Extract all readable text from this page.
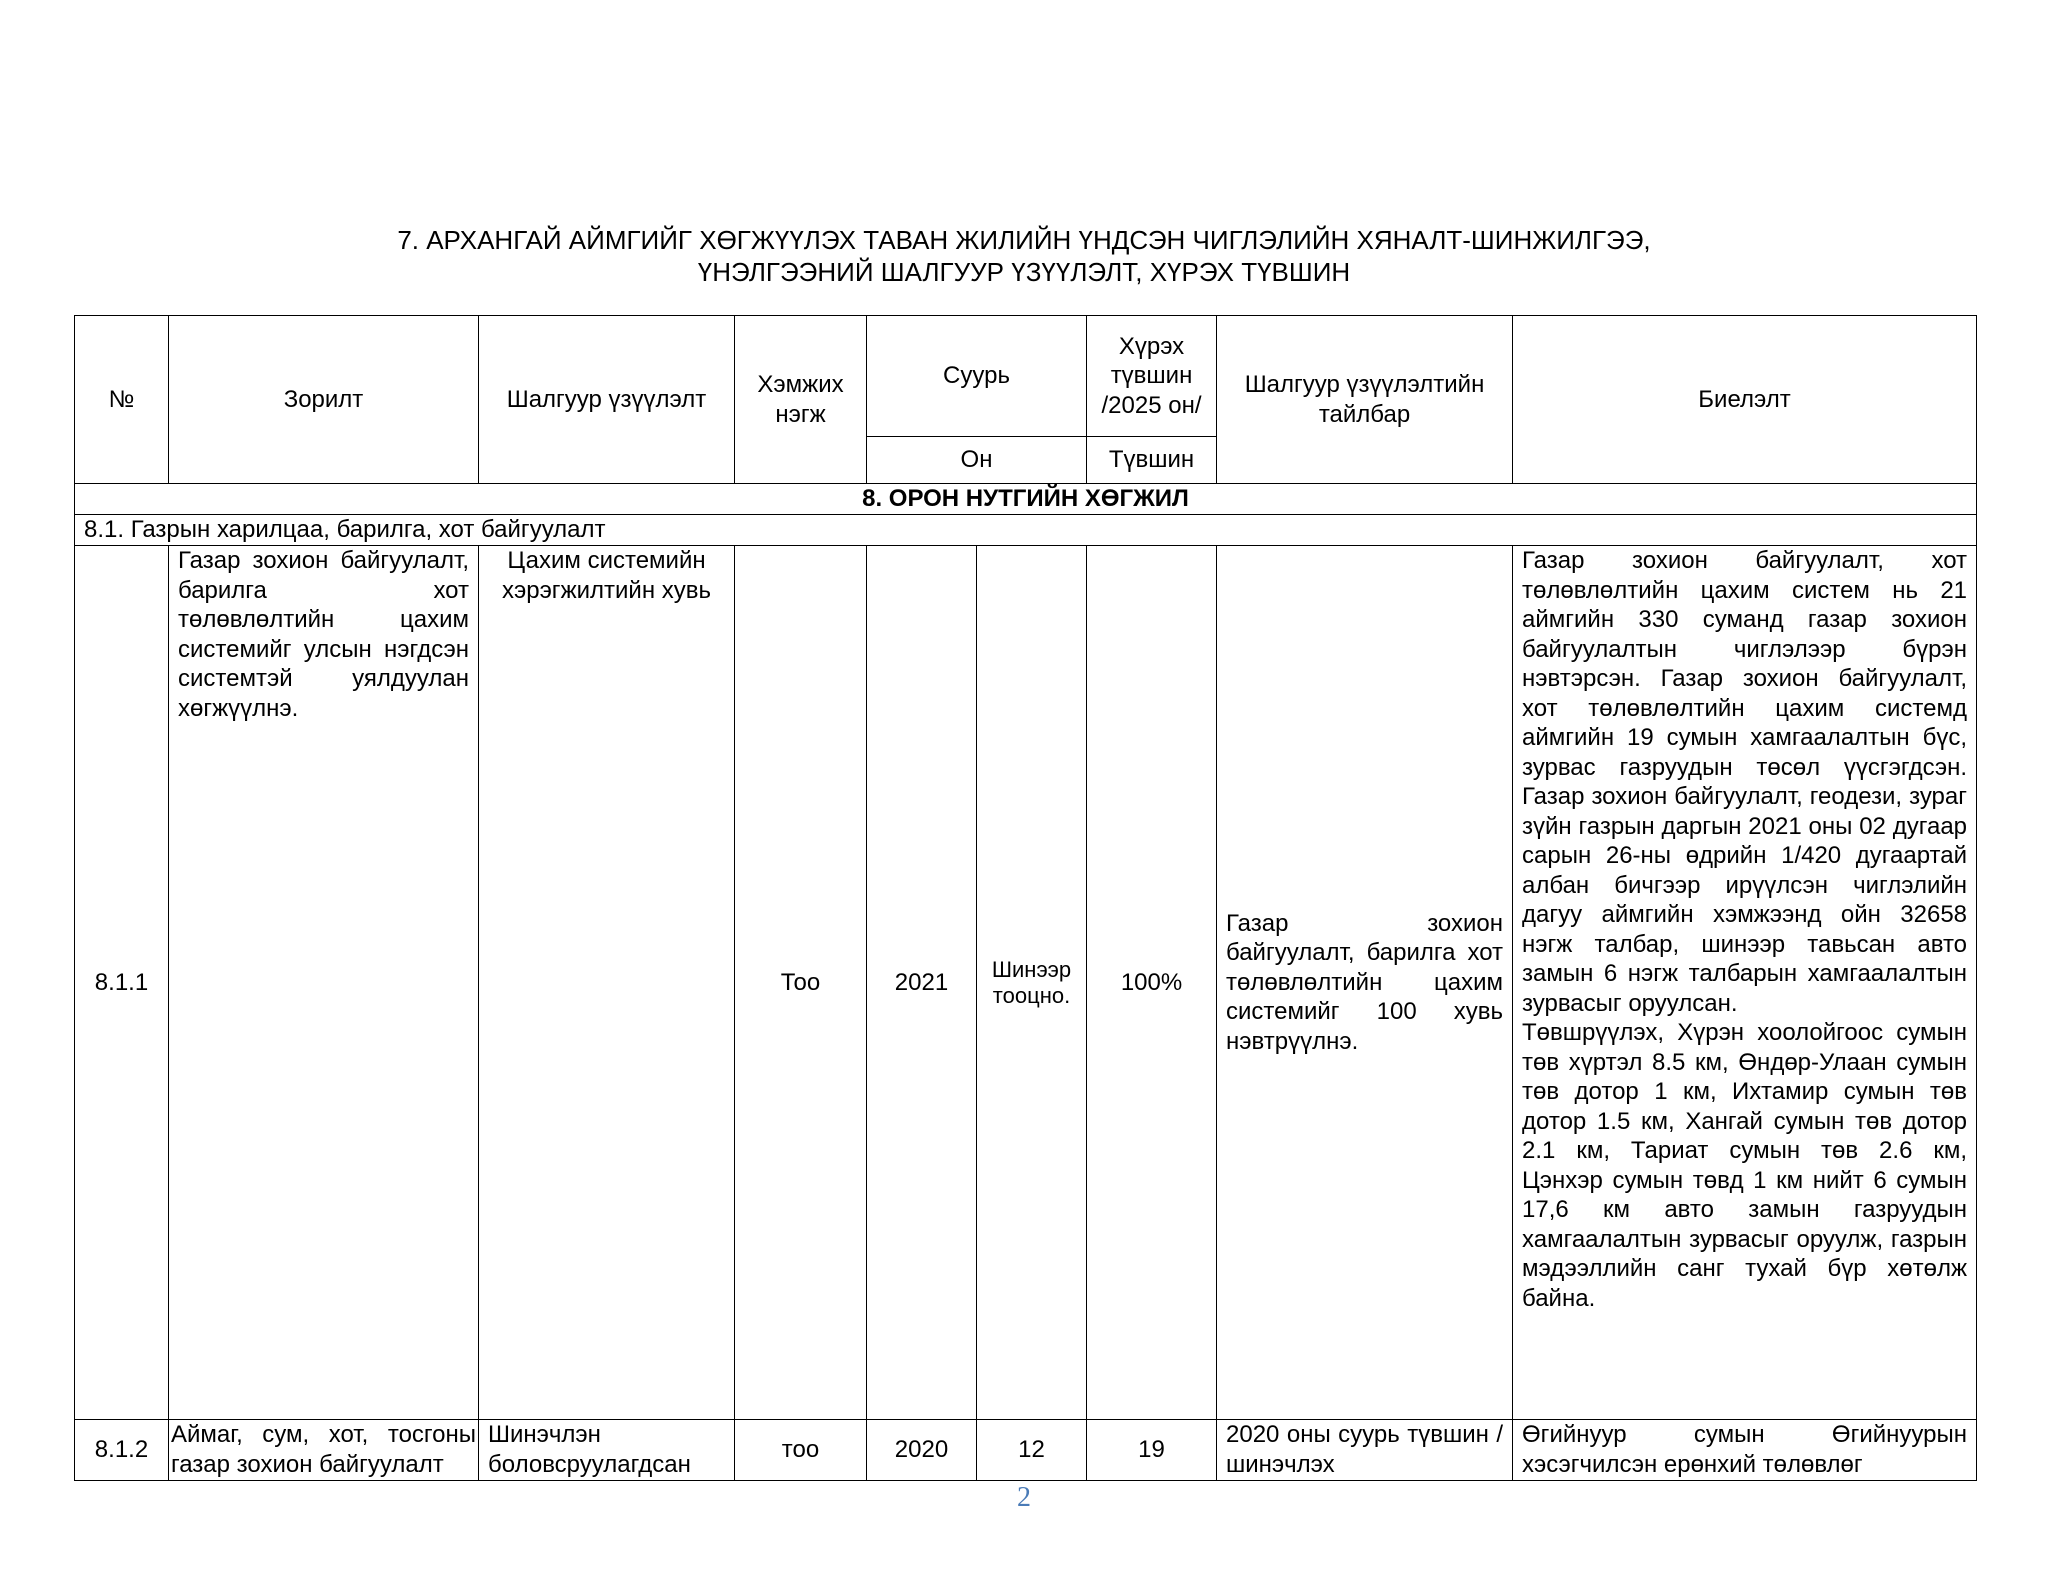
7. АРХАНГАЙ АЙМГИЙГ ХӨГЖҮҮЛЭХ ТАВАН ЖИЛИЙН ҮНДСЭН ЧИГЛЭЛИЙН ХЯНАЛТ-ШИНЖИЛГЭЭ,
ҮНЭЛГЭЭНИЙ ШАЛГУУР ҮЗҮҮЛЭЛТ, ХҮРЭХ ТҮВШИН
№	Зорилт	Шалгуур үзүүлэлт	Хэмжих нэгж	Суурь		Хүрэх түвшин /2025 он/	Шалгуур үзүүлэлтийн тайлбар	Биелэлт
				Он		Түвшин		
8. ОРОН НУТГИЙН ХӨГЖИЛ								
8.1. Газрын харилцаа, барилга, хот байгуулалт								
8.1.1	Газар зохион байгуулалт, барилга хот төлөвлөлтийн цахим системийг улсын нэгдсэн системтэй уялдуулан хөгжүүлнэ.	Цахим системийн хэрэгжилтийн хувь	Тоо	2021	Шинээр тооцно.	100%	Газар зохион байгуулалт, барилга хот төлөвлөлтийн цахим системийг 100 хувь нэвтрүүлнэ.	Газар зохион байгуулалт, хот төлөвлөлтийн цахим систем нь 21 аймгийн 330 суманд газар зохион байгуулалтын чиглэлээр бүрэн нэвтэрсэн. Газар зохион байгуулалт, хот төлөвлөлтийн цахим системд аймгийн 19 сумын хамгаалалтын бүс, зурвас газруудын төсөл үүсгэгдсэн. Газар зохион байгуулалт, геодези, зураг зүйн газрын даргын 2021 оны 02 дугаар сарын 26-ны өдрийн 1/420 дугаартай албан бичгээр ирүүлсэн чиглэлийн дагуу аймгийн хэмжээнд ойн 32658 нэгж талбар, шинээр тавьсан авто замын 6 нэгж талбарын хамгаалалтын зурвасыг оруулсан.
Төвшрүүлэх, Хүрэн хоолойгоос сумын төв хүртэл 8.5 км, Өндөр-Улаан сумын төв дотор 1 км, Ихтамир сумын төв дотор 1.5 км, Хангай сумын төв дотор 2.1 км, Тариат сумын төв 2.6 км, Цэнхэр сумын төвд 1 км нийт 6 сумын 17,6 км авто замын газруудын хамгаалалтын зурвасыг оруулж, газрын мэдээллийн санг тухай бүр хөтөлж байна.

8.1.2	Аймаг, сум, хот, тосгоны газар зохион байгуулалт	Шинэчлэн боловсруулагдсан	тоо	2020	12	19	2020 оны суурь түвшин /шинэчлэх	Өгийнуур сумын Өгийнуурын хэсэгчилсэн ерөнхий төлөвлөг
2
